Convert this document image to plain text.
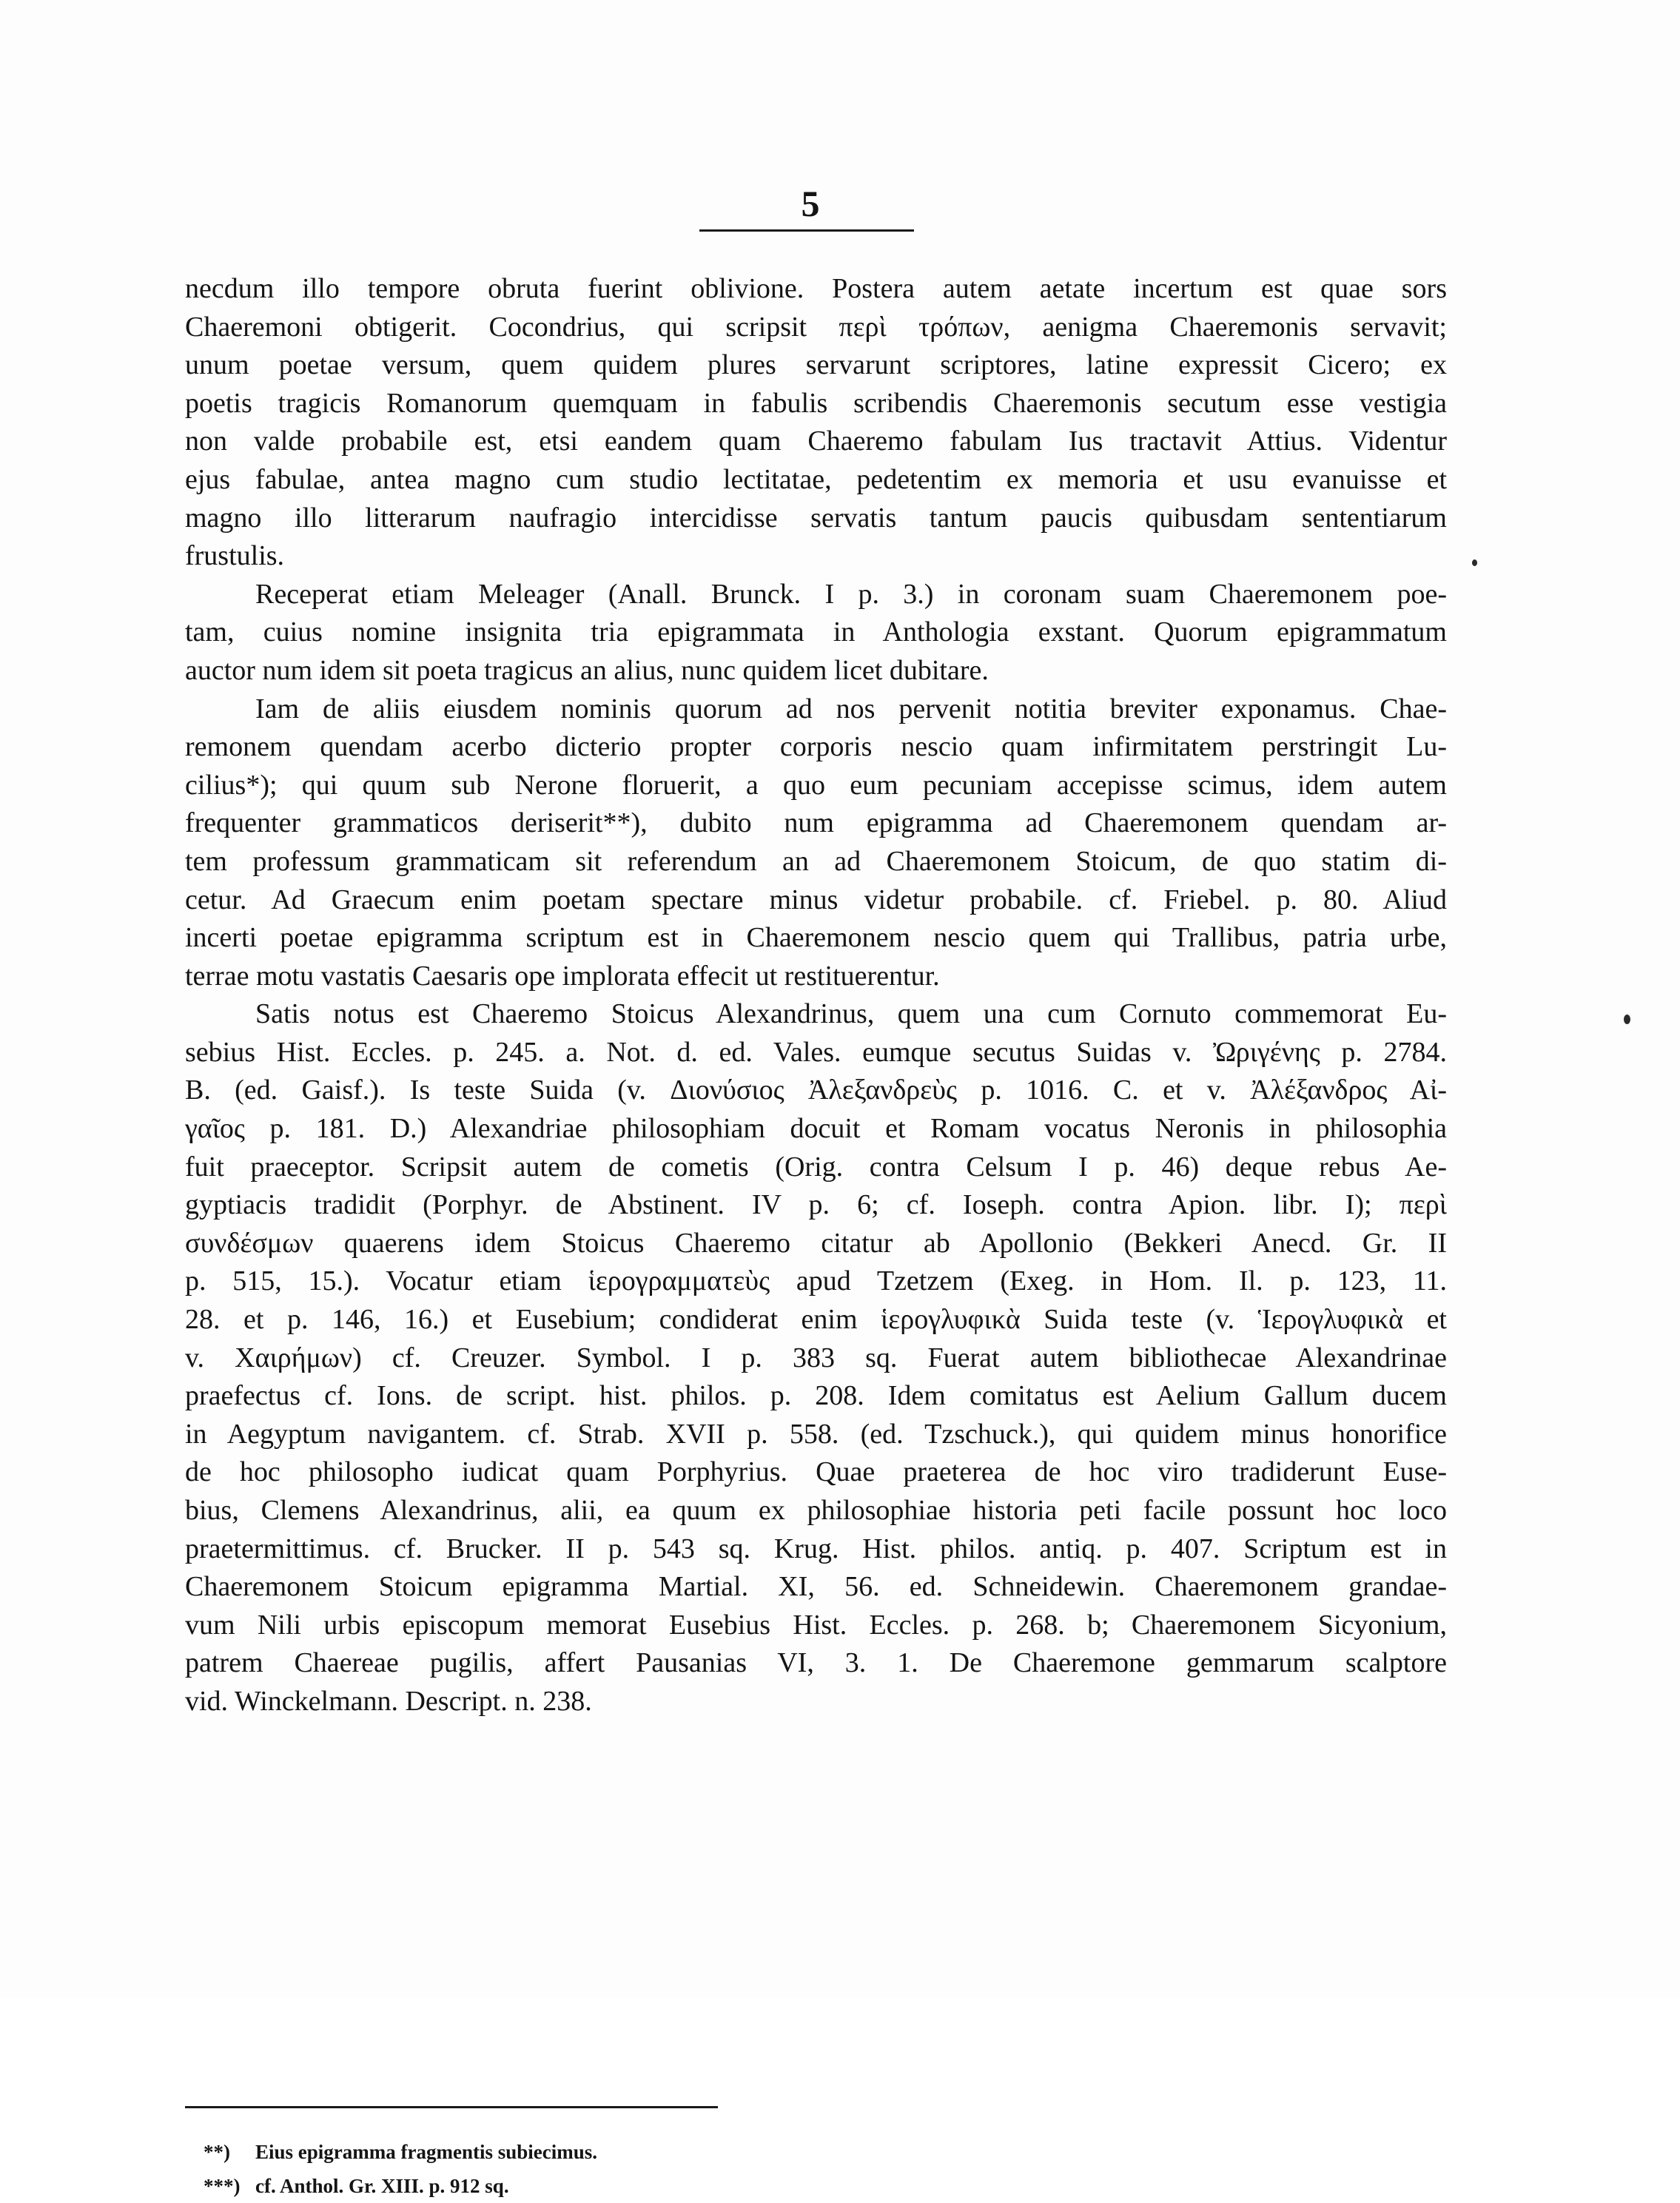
5
necdum illo tempore obruta fuerint oblivione. Postera autem aetate incertum est quae sors
Chaeremoni obtigerit. Cocondrius, qui scripsit περὶ τρόπων, aenigma Chaeremonis servavit;
unum poetae versum, quem quidem plures servarunt scriptores, latine expressit Cicero; ex
poetis tragicis Romanorum quemquam in fabulis scribendis Chaeremonis secutum esse vestigia
non valde probabile est, etsi eandem quam Chaeremo fabulam Ius tractavit Attius. Videntur
ejus fabulae, antea magno cum studio lectitatae, pedetentim ex memoria et usu evanuisse et
magno illo litterarum naufragio intercidisse servatis tantum paucis quibusdam sententiarum
frustulis.
Receperat etiam Meleager (Anall. Brunck. I p. 3.) in coronam suam Chaeremonem poe-
tam, cuius nomine insignita tria epigrammata in Anthologia exstant. Quorum epigrammatum
auctor num idem sit poeta tragicus an alius, nunc quidem licet dubitare.
Iam de aliis eiusdem nominis quorum ad nos pervenit notitia breviter exponamus. Chae-
remonem quendam acerbo dicterio propter corporis nescio quam infirmitatem perstringit Lu-
cilius*); qui quum sub Nerone floruerit, a quo eum pecuniam accepisse scimus, idem autem
frequenter grammaticos deriserit**), dubito num epigramma ad Chaeremonem quendam ar-
tem professum grammaticam sit referendum an ad Chaeremonem Stoicum, de quo statim di-
cetur. Ad Graecum enim poetam spectare minus videtur probabile. cf. Friebel. p. 80. Aliud
incerti poetae epigramma scriptum est in Chaeremonem nescio quem qui Trallibus, patria urbe,
terrae motu vastatis Caesaris ope implorata effecit ut restituerentur.
Satis notus est Chaeremo Stoicus Alexandrinus, quem una cum Cornuto commemorat Eu-
sebius Hist. Eccles. p. 245. a. Not. d. ed. Vales. eumque secutus Suidas v. Ὠριγένης p. 2784.
B. (ed. Gaisf.). Is teste Suida (v. Διονύσιος Ἀλεξανδρεὺς p. 1016. C. et v. Ἀλέξανδρος Αἰ-
γαῖος p. 181. D.) Alexandriae philosophiam docuit et Romam vocatus Neronis in philosophia
fuit praeceptor. Scripsit autem de cometis (Orig. contra Celsum I p. 46) deque rebus Ae-
gyptiacis tradidit (Porphyr. de Abstinent. IV p. 6; cf. Ioseph. contra Apion. libr. I); περὶ
συνδέσμων quaerens idem Stoicus Chaeremo citatur ab Apollonio (Bekkeri Anecd. Gr. II
p. 515, 15.). Vocatur etiam ἱερογραμματεὺς apud Tzetzem (Exeg. in Hom. Il. p. 123, 11.
28. et p. 146, 16.) et Eusebium; condiderat enim ἱερογλυφικὰ Suida teste (v. Ἱερογλυφικὰ et
v. Χαιρήμων) cf. Creuzer. Symbol. I p. 383 sq. Fuerat autem bibliothecae Alexandrinae
praefectus cf. Ions. de script. hist. philos. p. 208. Idem comitatus est Aelium Gallum ducem
in Aegyptum navigantem. cf. Strab. XVII p. 558. (ed. Tzschuck.), qui quidem minus honorifice
de hoc philosopho iudicat quam Porphyrius. Quae praeterea de hoc viro tradiderunt Euse-
bius, Clemens Alexandrinus, alii, ea quum ex philosophiae historia peti facile possunt hoc loco
praetermittimus. cf. Brucker. II p. 543 sq. Krug. Hist. philos. antiq. p. 407. Scriptum est in
Chaeremonem Stoicum epigramma Martial. XI, 56. ed. Schneidewin. Chaeremonem grandae-
vum Nili urbis episcopum memorat Eusebius Hist. Eccles. p. 268. b; Chaeremonem Sicyonium,
patrem Chaereae pugilis, affert Pausanias VI, 3. 1. De Chaeremone gemmarum scalptore
vid. Winckelmann. Descript. n. 238.
**) Eius epigramma fragmentis subiecimus.
***) cf. Anthol. Gr. XIII. p. 912 sq.
